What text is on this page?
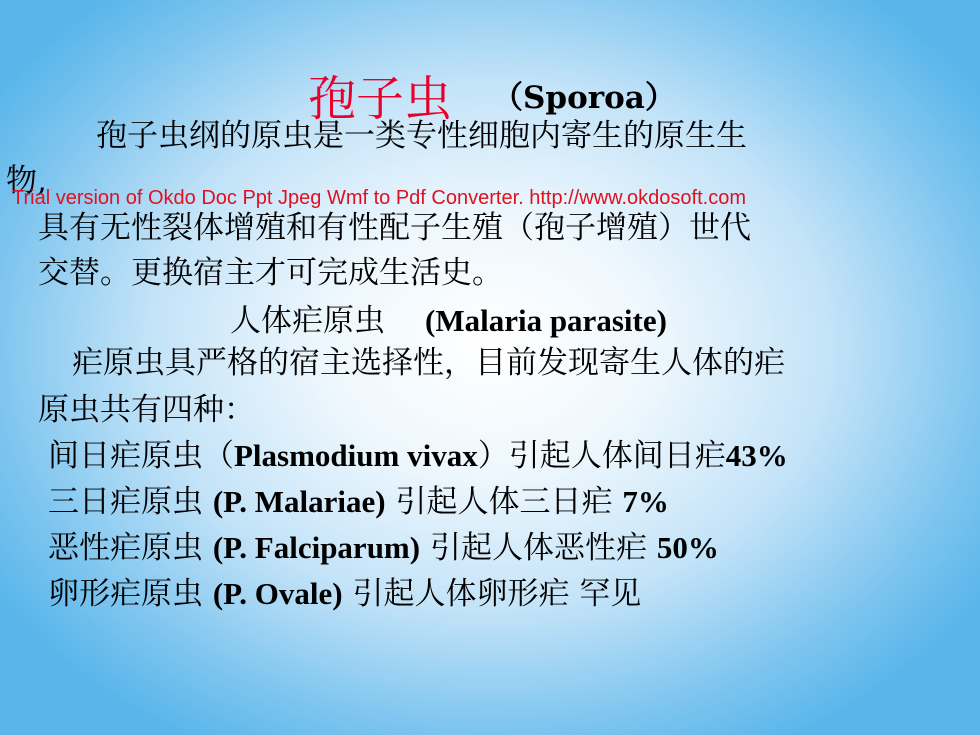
孢子虫 （Sporoa）
孢子虫纲的原虫是一类专性细胞内寄生的原生生
物,
Trial version of Okdo Doc Ppt Jpeg Wmf to Pdf Converter. http://www.okdosoft.com
具有无性裂体增殖和有性配子生殖（孢子增殖）世代
交替。更换宿主才可完成生活史。
人体疟原虫 (Malaria parasite)
疟原虫具严格的宿主选择性，目前发现寄生人体的疟
原虫共有四种：
间日疟原虫（Plasmodium vivax）引起人体间日疟43%
三日疟原虫 (P. Malariae) 引起人体三日疟 7%
恶性疟原虫 (P. Falciparum) 引起人体恶性疟 50%
卵形疟原虫 (P. Ovale) 引起人体卵形疟 罕见
